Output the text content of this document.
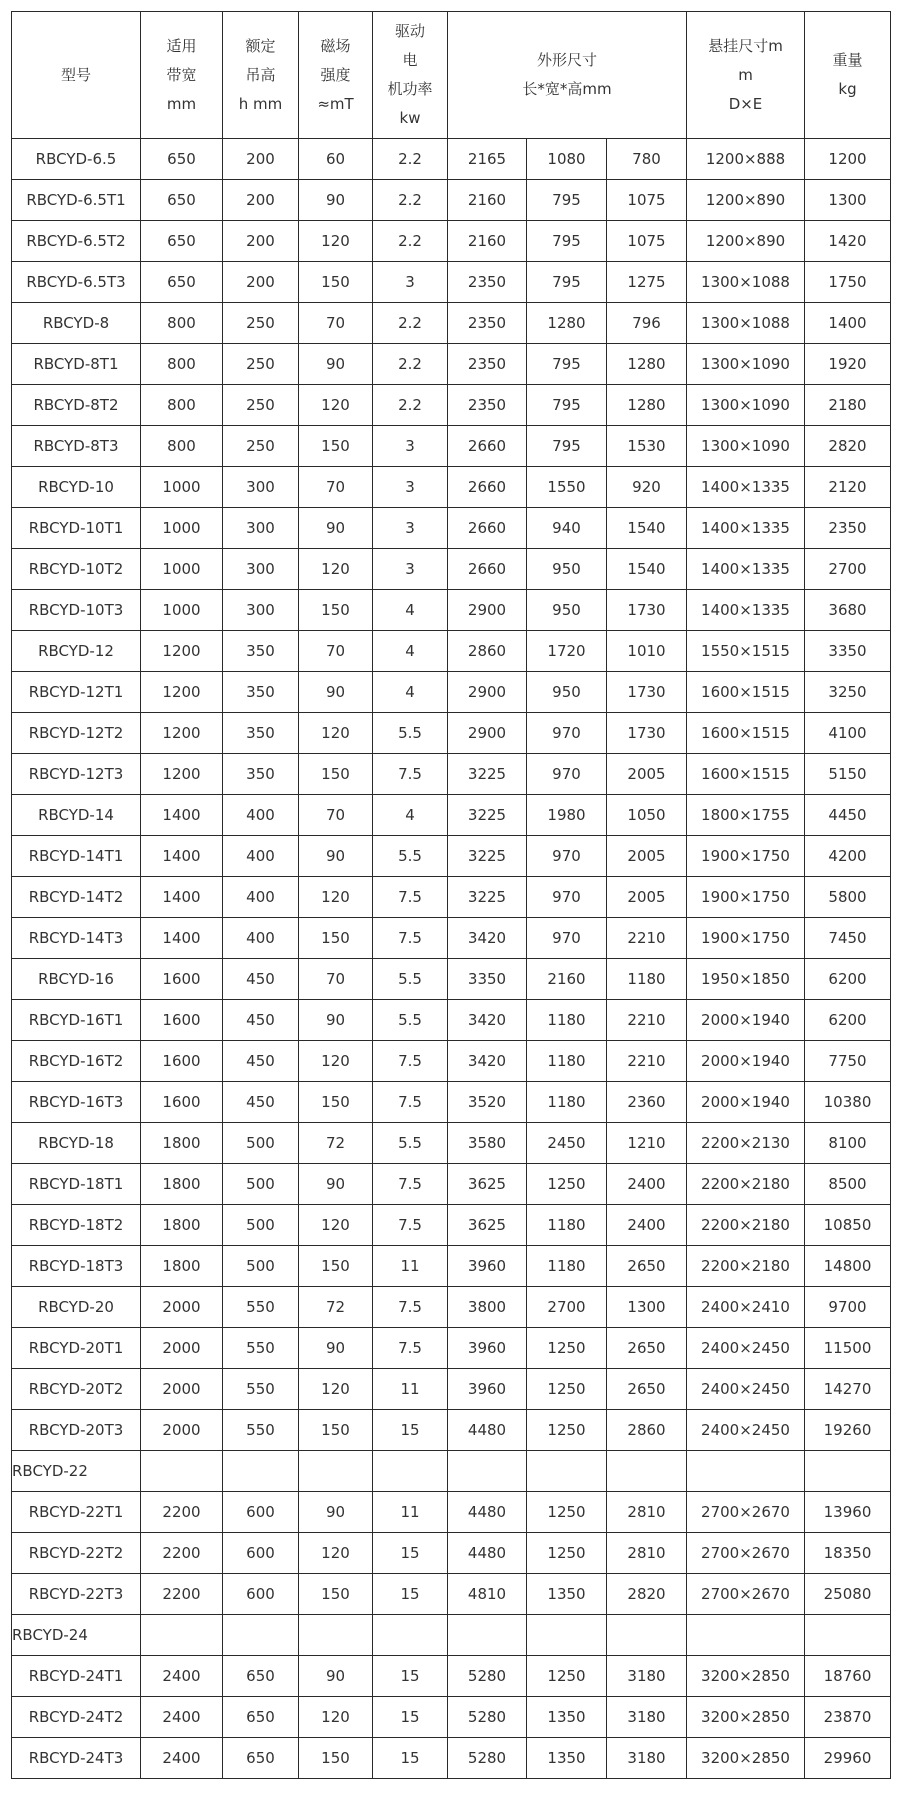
型号	适用
带宽
mm	额定
吊高
h mm	磁场
强度
≈mT	驱动
电
机功率
kw	外形尺寸
长*宽*高mm			悬挂尺寸m
m
D×E	重量
kg

RBCYD-6.5	650	200	60	2.2	2165	1080	780	1200×888	1200
RBCYD-6.5T1	650	200	90	2.2	2160	795	1075	1200×890	1300
RBCYD-6.5T2	650	200	120	2.2	2160	795	1075	1200×890	1420
RBCYD-6.5T3	650	200	150	3	2350	795	1275	1300×1088	1750
RBCYD-8	800	250	70	2.2	2350	1280	796	1300×1088	1400
RBCYD-8T1	800	250	90	2.2	2350	795	1280	1300×1090	1920
RBCYD-8T2	800	250	120	2.2	2350	795	1280	1300×1090	2180
RBCYD-8T3	800	250	150	3	2660	795	1530	1300×1090	2820
RBCYD-10	1000	300	70	3	2660	1550	920	1400×1335	2120
RBCYD-10T1	1000	300	90	3	2660	940	1540	1400×1335	2350
RBCYD-10T2	1000	300	120	3	2660	950	1540	1400×1335	2700
RBCYD-10T3	1000	300	150	4	2900	950	1730	1400×1335	3680
RBCYD-12	1200	350	70	4	2860	1720	1010	1550×1515	3350
RBCYD-12T1	1200	350	90	4	2900	950	1730	1600×1515	3250
RBCYD-12T2	1200	350	120	5.5	2900	970	1730	1600×1515	4100
RBCYD-12T3	1200	350	150	7.5	3225	970	2005	1600×1515	5150
RBCYD-14	1400	400	70	4	3225	1980	1050	1800×1755	4450
RBCYD-14T1	1400	400	90	5.5	3225	970	2005	1900×1750	4200
RBCYD-14T2	1400	400	120	7.5	3225	970	2005	1900×1750	5800
RBCYD-14T3	1400	400	150	7.5	3420	970	2210	1900×1750	7450
RBCYD-16	1600	450	70	5.5	3350	2160	1180	1950×1850	6200
RBCYD-16T1	1600	450	90	5.5	3420	1180	2210	2000×1940	6200
RBCYD-16T2	1600	450	120	7.5	3420	1180	2210	2000×1940	7750
RBCYD-16T3	1600	450	150	7.5	3520	1180	2360	2000×1940	10380
RBCYD-18	1800	500	72	5.5	3580	2450	1210	2200×2130	8100
RBCYD-18T1	1800	500	90	7.5	3625	1250	2400	2200×2180	8500
RBCYD-18T2	1800	500	120	7.5	3625	1180	2400	2200×2180	10850
RBCYD-18T3	1800	500	150	11	3960	1180	2650	2200×2180	14800
RBCYD-20	2000	550	72	7.5	3800	2700	1300	2400×2410	9700
RBCYD-20T1	2000	550	90	7.5	3960	1250	2650	2400×2450	11500
RBCYD-20T2	2000	550	120	11	3960	1250	2650	2400×2450	14270
RBCYD-20T3	2000	550	150	15	4480	1250	2860	2400×2450	19260
RBCYD-22									
RBCYD-22T1	2200	600	90	11	4480	1250	2810	2700×2670	13960
RBCYD-22T2	2200	600	120	15	4480	1250	2810	2700×2670	18350
RBCYD-22T3	2200	600	150	15	4810	1350	2820	2700×2670	25080
RBCYD-24									
RBCYD-24T1	2400	650	90	15	5280	1250	3180	3200×2850	18760
RBCYD-24T2	2400	650	120	15	5280	1350	3180	3200×2850	23870
RBCYD-24T3	2400	650	150	15	5280	1350	3180	3200×2850	29960
